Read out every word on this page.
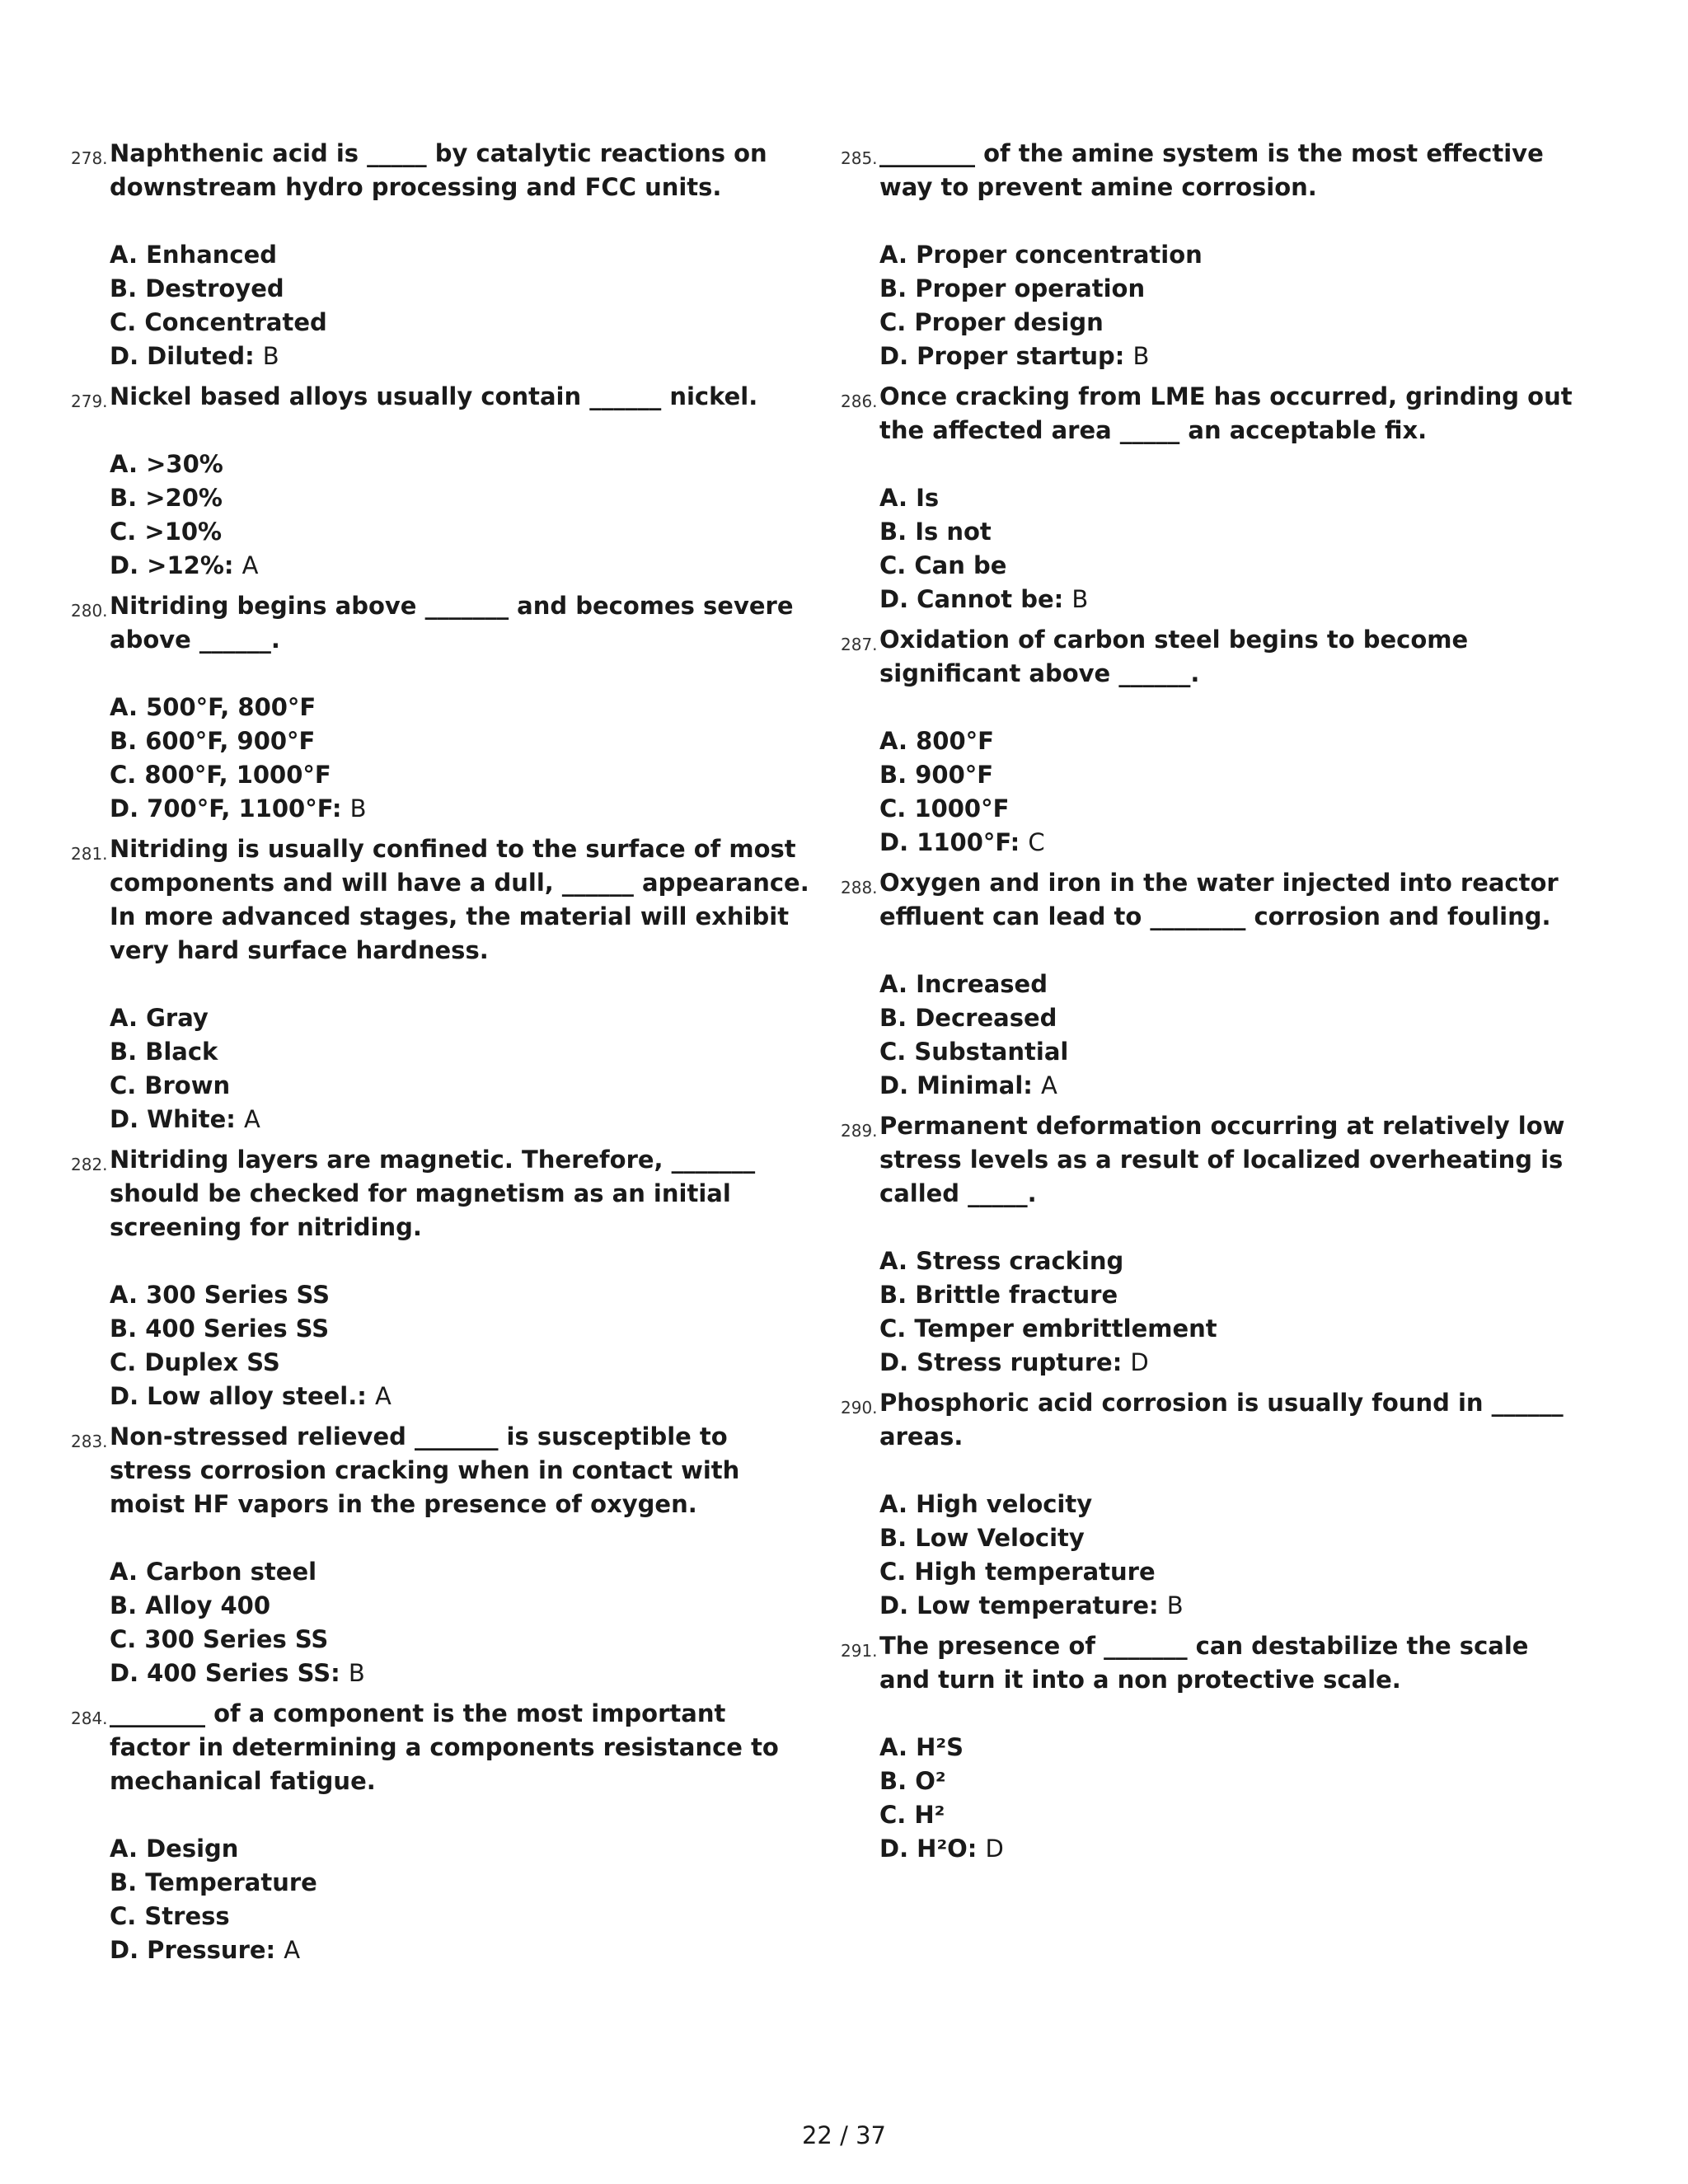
278. Naphthenic acid is _____ by catalytic reactions on downstream hydro processing and FCC units.

A. Enhanced
B. Destroyed
C. Concentrated
D. Diluted: B
279. Nickel based alloys usually contain ______ nickel.

A. >30%
B. >20%
C. >10%
D. >12%: A
280. Nitriding begins above _______ and becomes severe above ______.

A. 500°F, 800°F
B. 600°F, 900°F
C. 800°F, 1000°F
D. 700°F, 1100°F: B
281. Nitriding is usually confined to the surface of most components and will have a dull, ______ appearance. In more advanced stages, the material will exhibit very hard surface hardness.

A. Gray
B. Black
C. Brown
D. White: A
282. Nitriding layers are magnetic. Therefore, _______ should be checked for magnetism as an initial screening for nitriding.

A. 300 Series SS
B. 400 Series SS
C. Duplex SS
D. Low alloy steel.: A
283. Non-stressed relieved _______ is susceptible to stress corrosion cracking when in contact with moist HF vapors in the presence of oxygen.

A. Carbon steel
B. Alloy 400
C. 300 Series SS
D. 400 Series SS: B
284. ________ of a component is the most important factor in determining a components resistance to mechanical fatigue.

A. Design
B. Temperature
C. Stress
D. Pressure: A
285. ________ of the amine system is the most effective way to prevent amine corrosion.

A. Proper concentration
B. Proper operation
C. Proper design
D. Proper startup: B
286. Once cracking from LME has occurred, grinding out the affected area _____ an acceptable fix.

A. Is
B. Is not
C. Can be
D. Cannot be: B
287. Oxidation of carbon steel begins to become significant above ______.

A. 800°F
B. 900°F
C. 1000°F
D. 1100°F: C
288. Oxygen and iron in the water injected into reactor effluent can lead to ________ corrosion and fouling.

A. Increased
B. Decreased
C. Substantial
D. Minimal: A
289. Permanent deformation occurring at relatively low stress levels as a result of localized overheating is called _____.

A. Stress cracking
B. Brittle fracture
C. Temper embrittlement
D. Stress rupture: D
290. Phosphoric acid corrosion is usually found in ______ areas.

A. High velocity
B. Low Velocity
C. High temperature
D. Low temperature: B
291. The presence of _______ can destabilize the scale and turn it into a non protective scale.

A. H²S
B. O²
C. H²
D. H²O: D
22 / 37
